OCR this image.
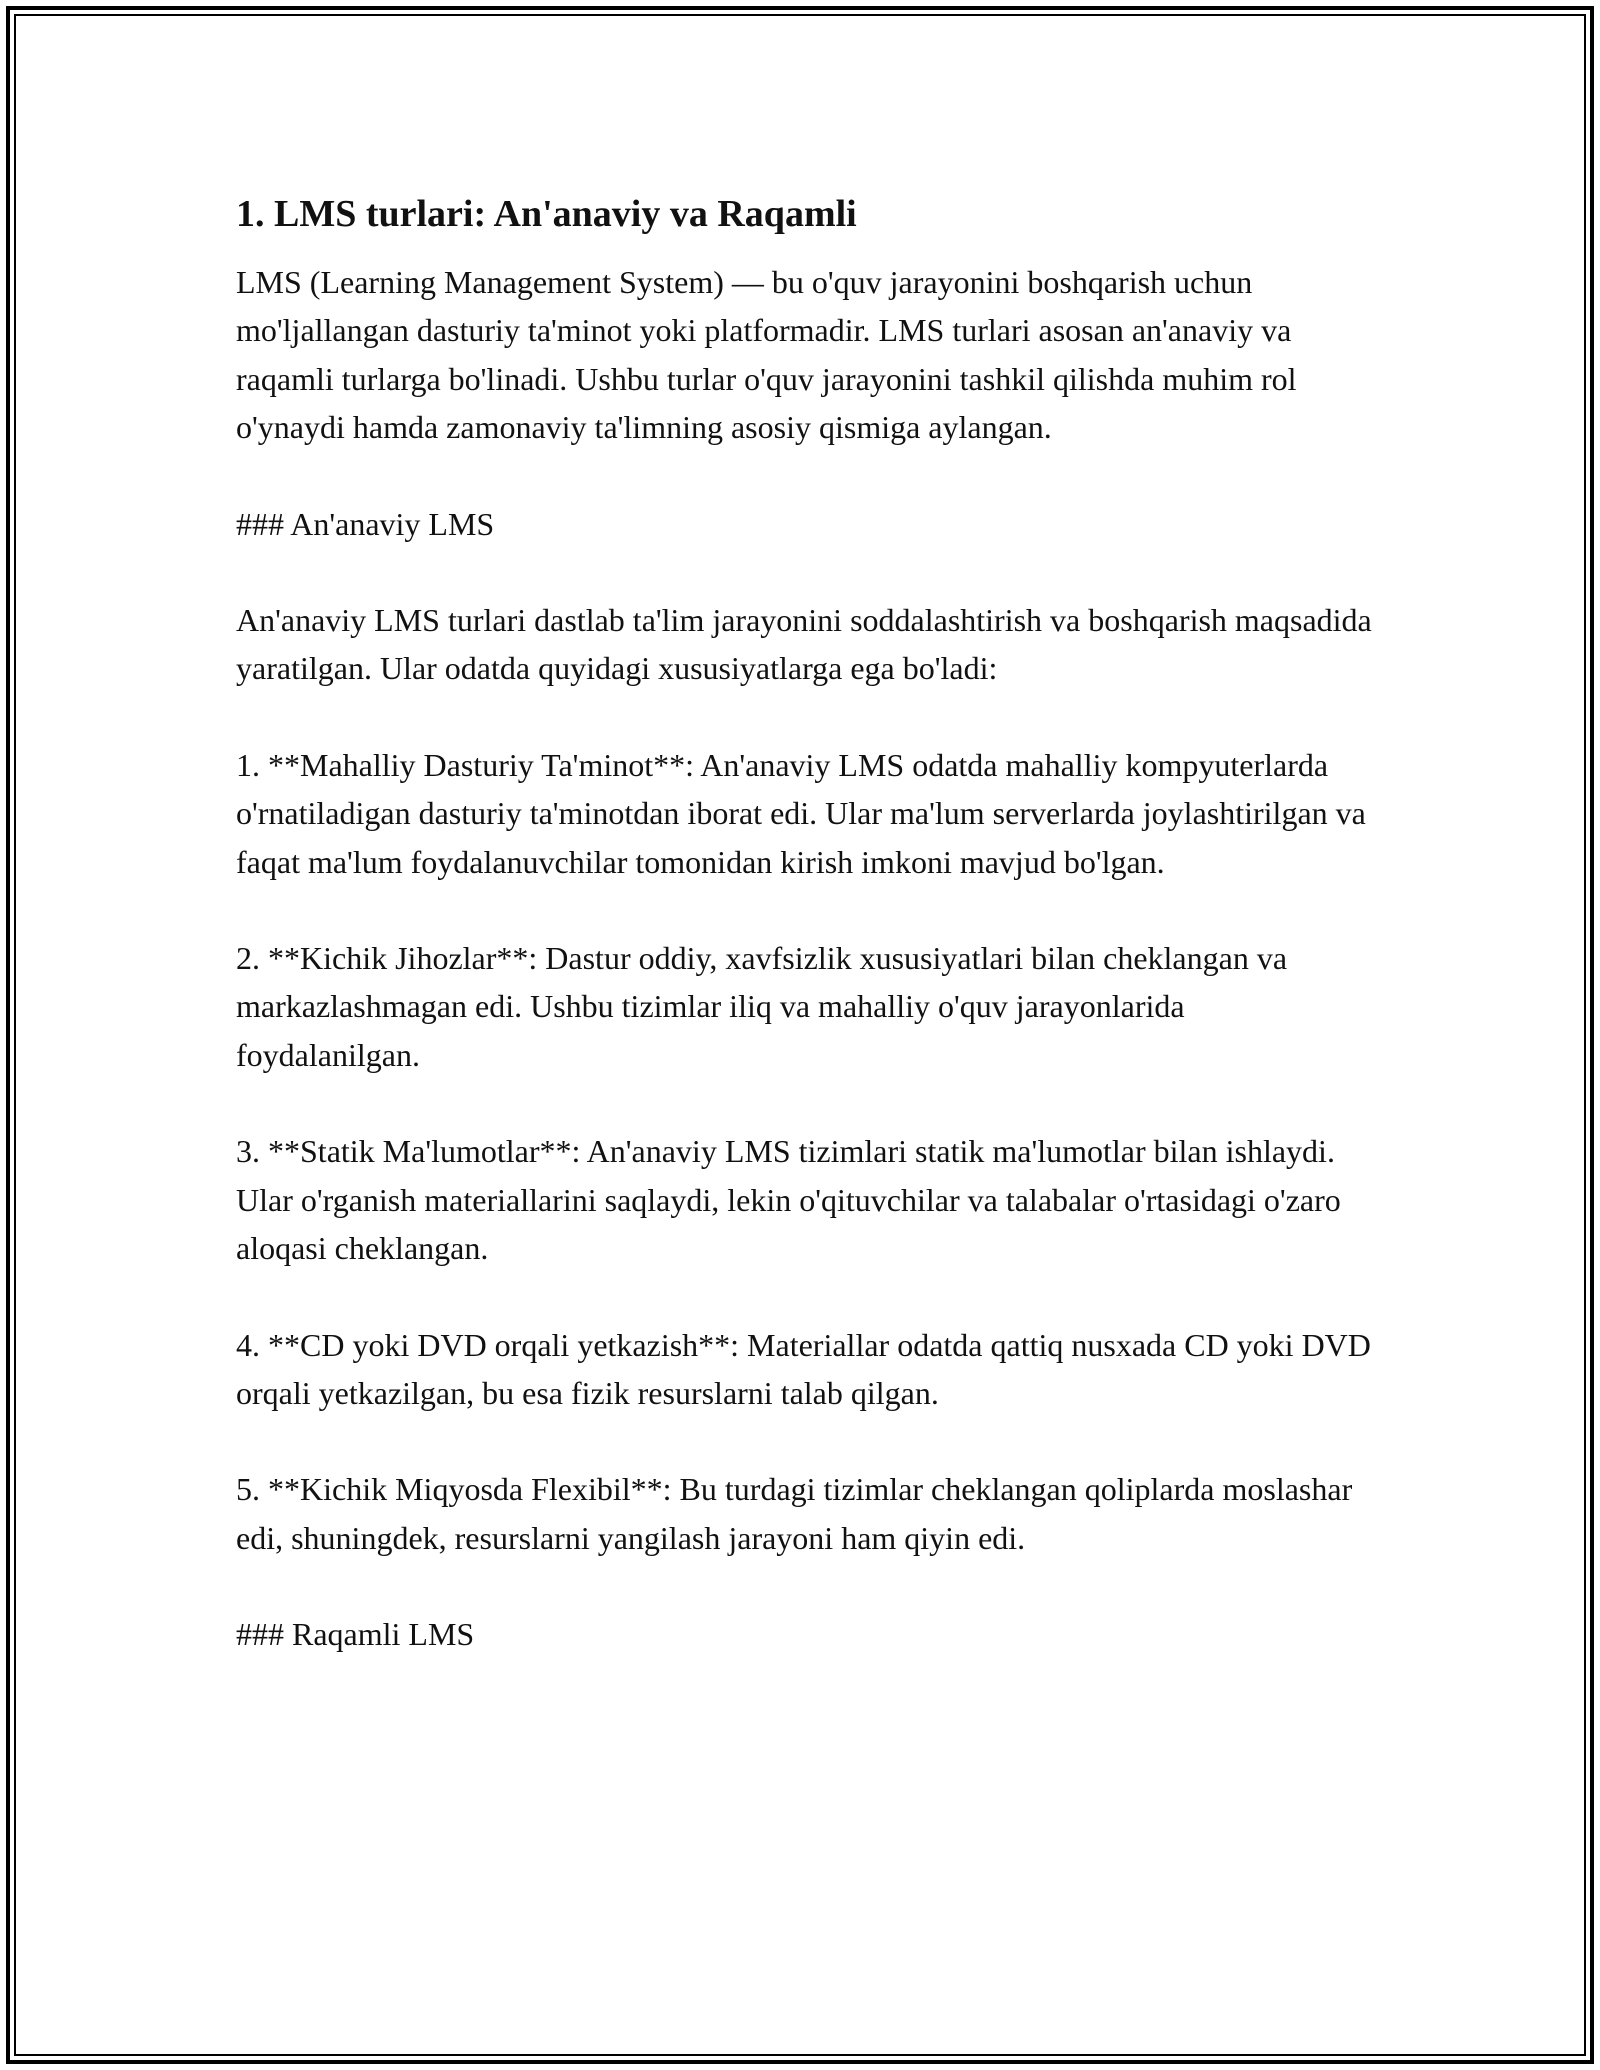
1. LMS turlari: An'anaviy va Raqamli

LMS (Learning Management System) — bu o'quv jarayonini boshqarish uchun mo'ljallangan dasturiy ta'minot yoki platformadir. LMS turlari asosan an'anaviy va raqamli turlarga bo'linadi. Ushbu turlar o'quv jarayonini tashkil qilishda muhim rol o'ynaydi hamda zamonaviy ta'limning asosiy qismiga aylangan.

### An'anaviy LMS

An'anaviy LMS turlari dastlab ta'lim jarayonini soddalashtirish va boshqarish maqsadida yaratilgan. Ular odatda quyidagi xususiyatlarga ega bo'ladi:

1. **Mahalliy Dasturiy Ta'minot**: An'anaviy LMS odatda mahalliy kompyuterlarda o'rnatiladigan dasturiy ta'minotdan iborat edi. Ular ma'lum serverlarda joylashtirilgan va faqat ma'lum foydalanuvchilar tomonidan kirish imkoni mavjud bo'lgan.

2. **Kichik Jihozlar**: Dastur oddiy, xavfsizlik xususiyatlari bilan cheklangan va markazlashmagan edi. Ushbu tizimlar iliq va mahalliy o'quv jarayonlarida foydalanilgan.

3. **Statik Ma'lumotlar**: An'anaviy LMS tizimlari statik ma'lumotlar bilan ishlaydi. Ular o'rganish materiallarini saqlaydi, lekin o'qituvchilar va talabalar o'rtasidagi o'zaro aloqasi cheklangan.

4. **CD yoki DVD orqali yetkazish**: Materiallar odatda qattiq nusxada CD yoki DVD orqali yetkazilgan, bu esa fizik resurslarni talab qilgan.

5. **Kichik Miqyosda Flexibil**: Bu turdagi tizimlar cheklangan qoliplarda moslashar edi, shuningdek, resurslarni yangilash jarayoni ham qiyin edi.

### Raqamli LMS
